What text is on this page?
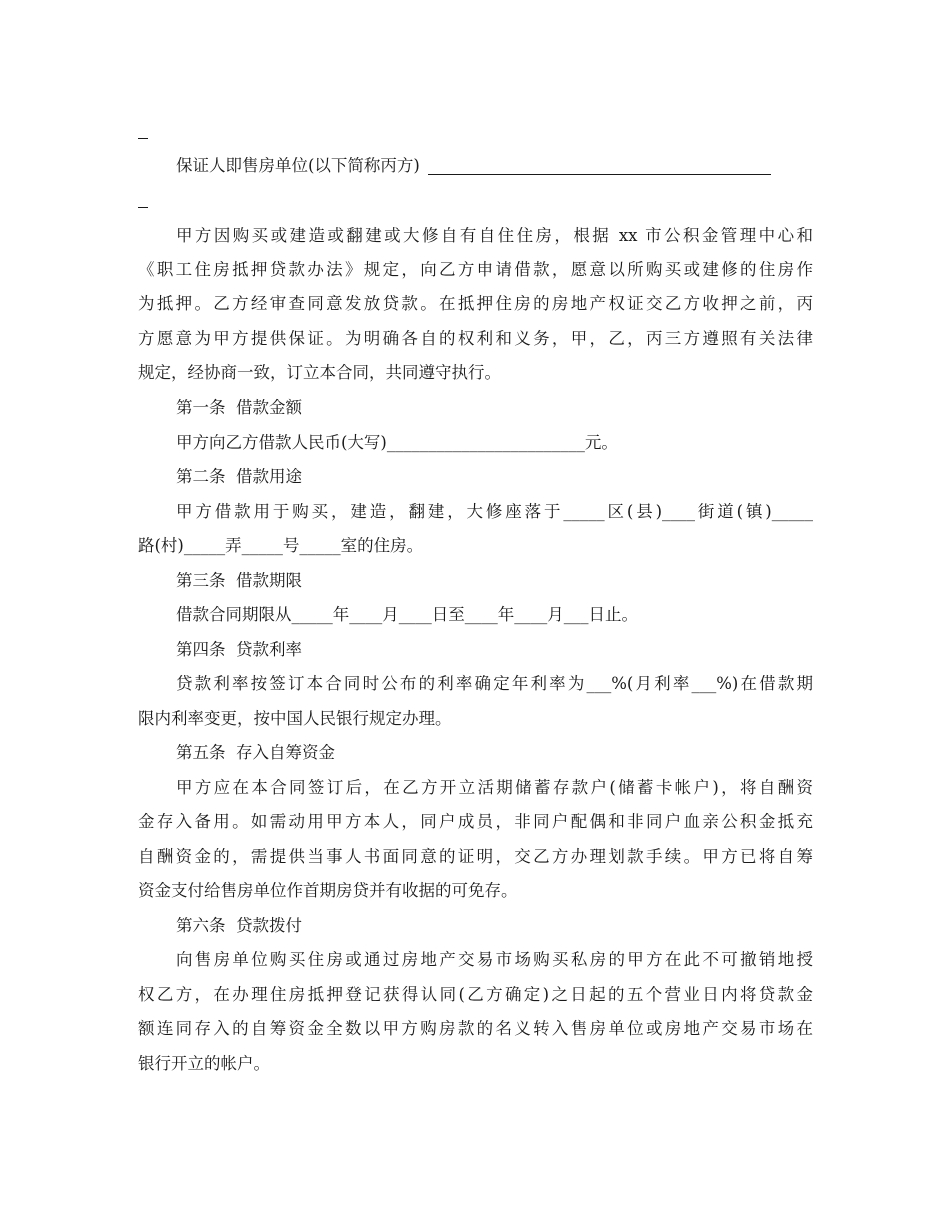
保证人即售房单位(以下简称丙方)
甲方因购买或建造或翻建或大修自有自住住房，根据 xx 市公积金管理中心和
《职工住房抵押贷款办法》规定，向乙方申请借款，愿意以所购买或建修的住房作
为抵押。乙方经审查同意发放贷款。在抵押住房的房地产权证交乙方收押之前，丙
方愿意为甲方提供保证。为明确各自的权利和义务，甲，乙，丙三方遵照有关法律
规定，经协商一致，订立本合同，共同遵守执行。
第一条  借款金额
甲方向乙方借款人民币(大写)________________________元。
第二条  借款用途
甲方借款用于购买，建造，翻建，大修座落于_____区(县)____街道(镇)_____
路(村)_____弄_____号_____室的住房。
第三条  借款期限
借款合同期限从_____年____月____日至____年____月___日止。
第四条  贷款利率
贷款利率按签订本合同时公布的利率确定年利率为___%(月利率___%)在借款期
限内利率变更，按中国人民银行规定办理。
第五条  存入自筹资金
甲方应在本合同签订后，在乙方开立活期储蓄存款户(储蓄卡帐户)，将自酬资
金存入备用。如需动用甲方本人，同户成员，非同户配偶和非同户血亲公积金抵充
自酬资金的，需提供当事人书面同意的证明，交乙方办理划款手续。甲方已将自筹
资金支付给售房单位作首期房贷并有收据的可免存。
第六条  贷款拨付
向售房单位购买住房或通过房地产交易市场购买私房的甲方在此不可撤销地授
权乙方，在办理住房抵押登记获得认同(乙方确定)之日起的五个营业日内将贷款金
额连同存入的自筹资金全数以甲方购房款的名义转入售房单位或房地产交易市场在
银行开立的帐户。
